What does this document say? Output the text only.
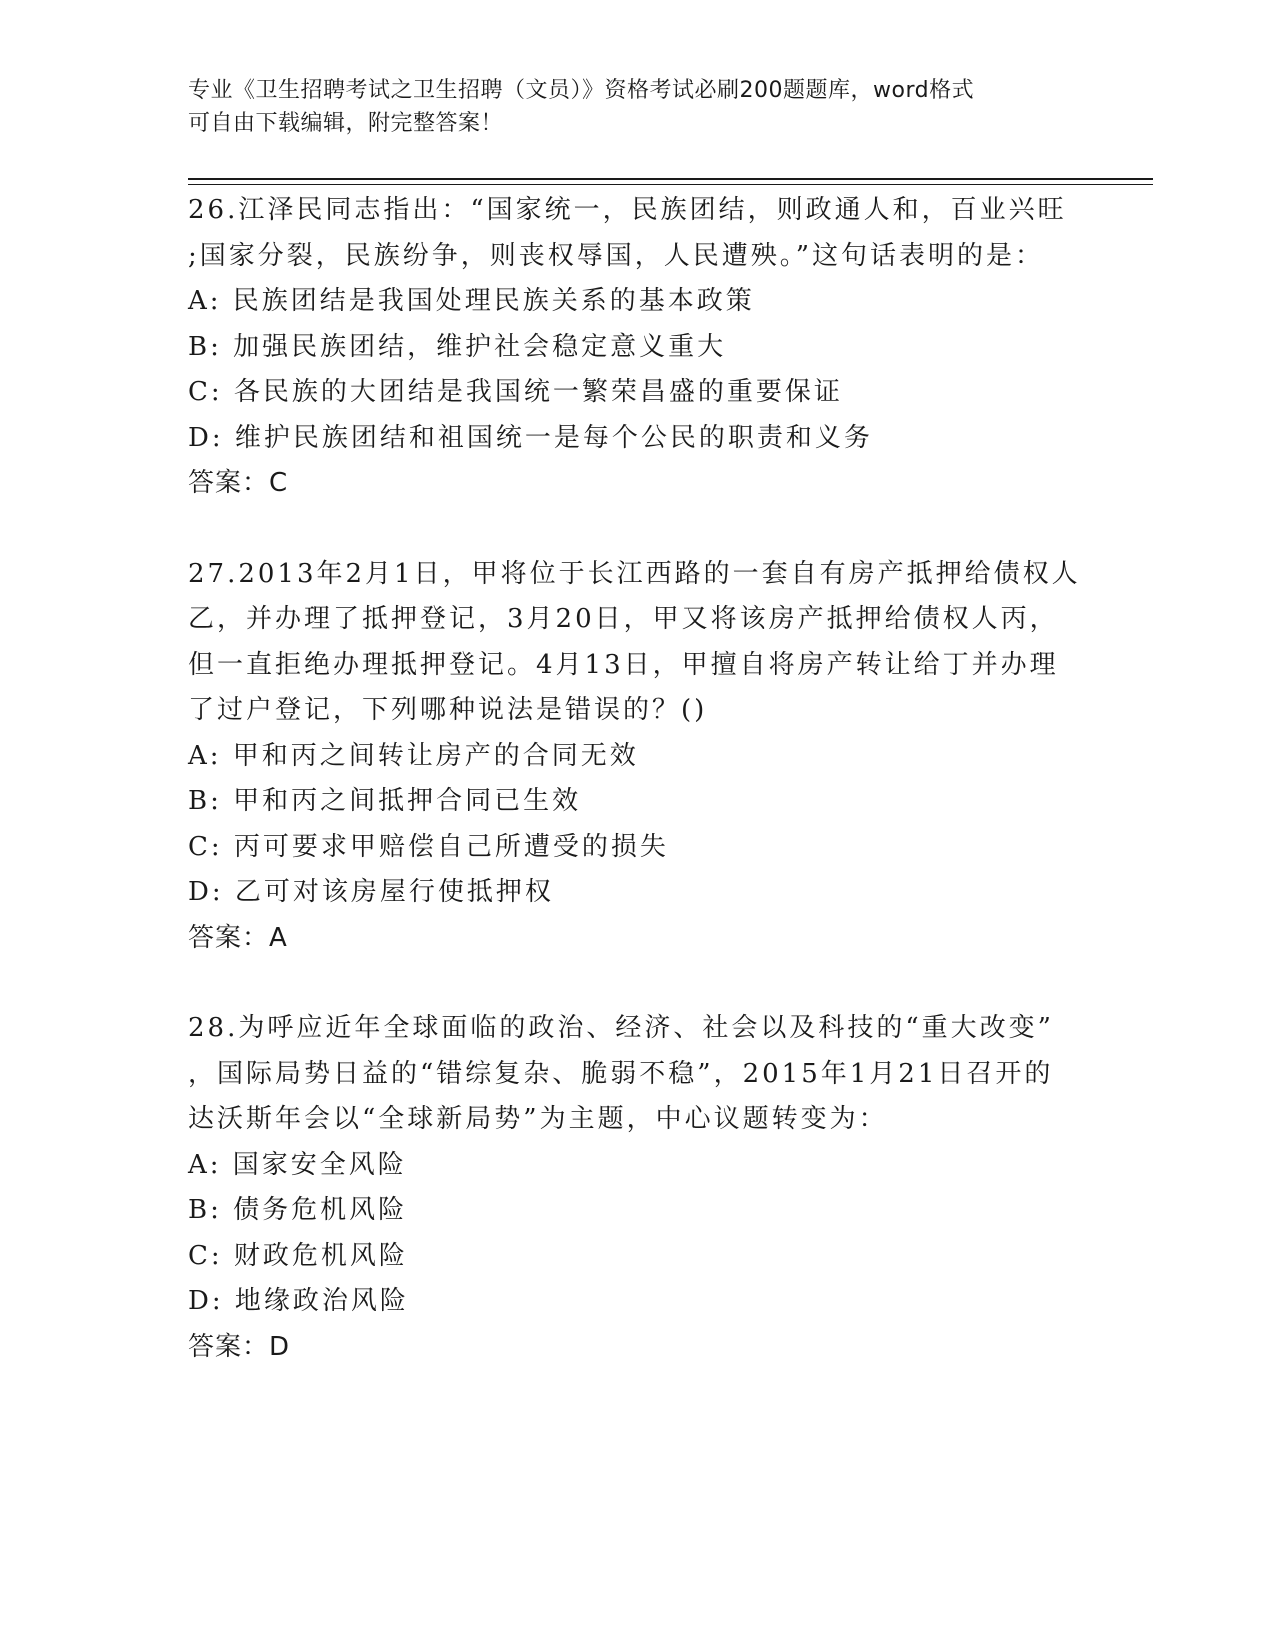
专业《卫生招聘考试之卫生招聘（文员）》资格考试必刷200题题库，word格式
可自由下载编辑，附完整答案！
26.江泽民同志指出：“国家统一，民族团结，则政通人和，百业兴旺
;国家分裂，民族纷争，则丧权辱国，人民遭殃。”这句话表明的是：
A: 民族团结是我国处理民族关系的基本政策
B: 加强民族团结，维护社会稳定意义重大
C: 各民族的大团结是我国统一繁荣昌盛的重要保证
D: 维护民族团结和祖国统一是每个公民的职责和义务
答案：C
27.2013年2月1日，甲将位于长江西路的一套自有房产抵押给债权人
乙，并办理了抵押登记，3月20日，甲又将该房产抵押给债权人丙，
但一直拒绝办理抵押登记。4月13日，甲擅自将房产转让给丁并办理
了过户登记，下列哪种说法是错误的？()
A: 甲和丙之间转让房产的合同无效
B: 甲和丙之间抵押合同已生效
C: 丙可要求甲赔偿自己所遭受的损失
D: 乙可对该房屋行使抵押权
答案：A
28.为呼应近年全球面临的政治、经济、社会以及科技的“重大改变”
，国际局势日益的“错综复杂、脆弱不稳”，2015年1月21日召开的
达沃斯年会以“全球新局势”为主题，中心议题转变为：
A: 国家安全风险
B: 债务危机风险
C: 财政危机风险
D: 地缘政治风险
答案：D
